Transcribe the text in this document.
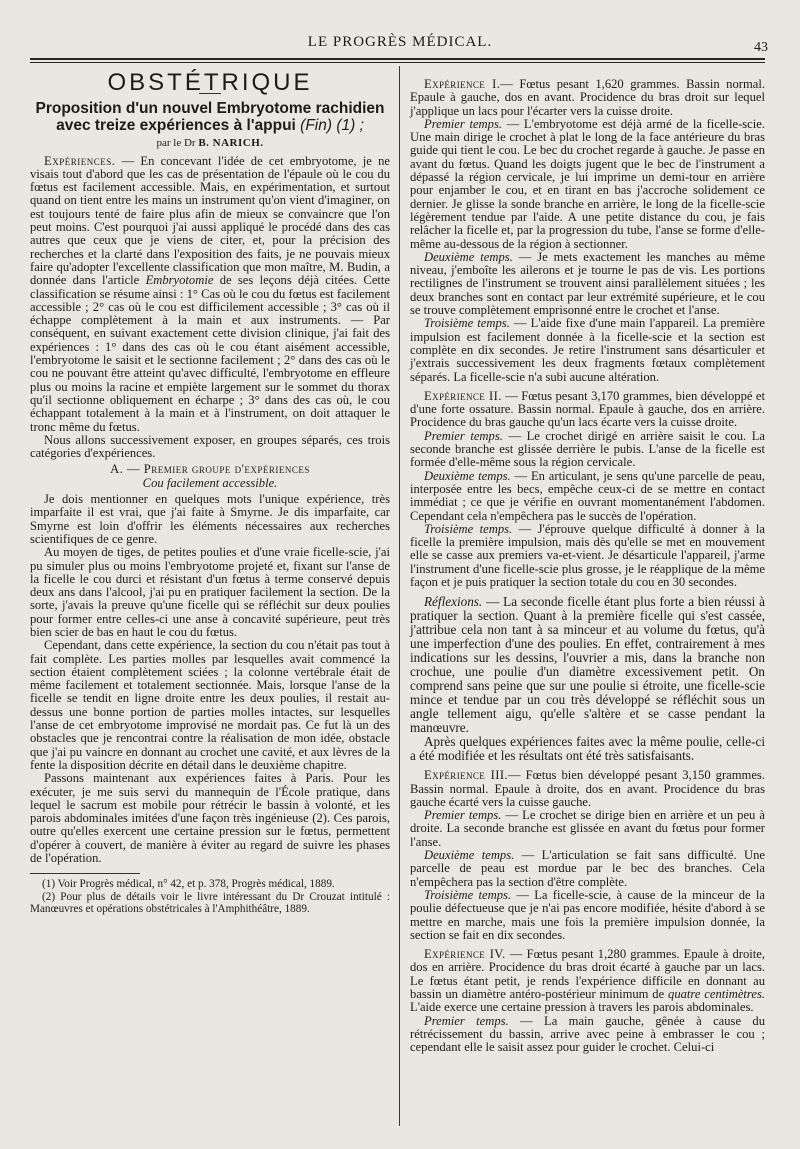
LE PROGRÈS MÉDICAL.	43
OBSTÉTRIQUE
Proposition d'un nouvel Embryotome rachidien avec treize expériences à l'appui (Fin) (1) ;
par le Dr B. NARICH.

Expériences. — En concevant l'idée de cet embryotome, je ne visais tout d'abord que les cas de présentation de l'épaule où le cou du fœtus est facilement accessible. Mais, en expérimentation, et surtout quand on tient entre les mains un instrument qu'on vient d'imaginer, on est toujours tenté de faire plus afin de mieux se convaincre que l'on peut moins. C'est pourquoi j'ai aussi appliqué le procédé dans des cas autres que ceux que je viens de citer, et, pour la précision des recherches et la clarté dans l'exposition des faits, je ne pouvais mieux faire qu'adopter l'excellente classification que mon maître, M. Budin, a donnée dans l'article Embryotomie de ses leçons déjà citées. Cette classification se résume ainsi : 1° Cas où le cou du fœtus est facilement accessible ; 2° cas où le cou est difficilement accessible ; 3° cas où il échappe complètement à la main et aux instruments. — Par conséquent, en suivant exactement cette division clinique, j'ai fait des expériences : 1° dans des cas où le cou étant aisément accessible, l'embryotome le saisit et le sectionne facilement ; 2° dans des cas où le cou ne pouvant être atteint qu'avec difficulté, l'embryotome en effleure plus ou moins la racine et empiète largement sur le sommet du thorax qu'il sectionne obliquement en écharpe ; 3° dans des cas où, le cou échappant totalement à la main et à l'instrument, on doit attaquer le tronc même du fœtus.

Nous allons successivement exposer, en groupes séparés, ces trois catégories d'expériences.

A. — Premier groupe d'expériences
Cou facilement accessible.

Je dois mentionner en quelques mots l'unique expérience, très imparfaite il est vrai, que j'ai faite à Smyrne. Je dis imparfaite, car Smyrne est loin d'offrir les éléments nécessaires aux recherches scientifiques de ce genre.

Au moyen de tiges, de petites poulies et d'une vraie ficelle-scie, j'ai pu simuler plus ou moins l'embryotome projeté et, fixant sur l'anse de la ficelle le cou durci et résistant d'un fœtus à terme conservé depuis deux ans dans l'alcool, j'ai pu en pratiquer facilement la section. De la sorte, j'avais la preuve qu'une ficelle qui se réfléchit sur deux poulies pour former entre celles-ci une anse à concavité supérieure, peut très bien scier de bas en haut le cou du fœtus.

Cependant, dans cette expérience, la section du cou n'était pas tout à fait complète. Les parties molles par lesquelles avait commencé la section étaient complètement sciées ; la colonne vertébrale était de même facilement et totalement sectionnée. Mais, lorsque l'anse de la ficelle se tendit en ligne droite entre les deux poulies, il restait au-dessus une bonne portion de parties molles intactes, sur lesquelles l'anse de cet embryotome improvisé ne mordait pas. Ce fut là un des obstacles que je rencontrai contre la réalisation de mon idée, obstacle que j'ai pu vaincre en donnant au crochet une cavité, et aux lèvres de la fente la disposition décrite en détail dans le deuxième chapitre.

Passons maintenant aux expériences faites à Paris. Pour les exécuter, je me suis servi du mannequin de l'École pratique, dans lequel le sacrum est mobile pour rétrécir le bassin à volonté, et les parois abdominales imitées d'une façon très ingénieuse (2). Ces parois, outre qu'elles exercent une certaine pression sur le fœtus, permettent d'opérer à couvert, de manière à éviter au regard de suivre les phases de l'opération.

(1) Voir Progrès médical, n° 42, et p. 378, Progrès médical, 1889.

(2) Pour plus de détails voir le livre intéressant du Dr Crouzat intitulé : Manœuvres et opérations obstétricales à l'Amphithéâtre, 1889.

Expérience I.— Fœtus pesant 1,620 grammes. Bassin normal. Epaule à gauche, dos en avant. Procidence du bras droit sur lequel j'applique un lacs pour l'écarter vers la cuisse droite.

Premier temps. — L'embryotome est déjà armé de la ficelle-scie. Une main dirige le crochet à plat le long de la face antérieure du bras guide qui tient le cou. Le bec du crochet regarde à gauche. Je passe en avant du fœtus. Quand les doigts jugent que le bec de l'instrument a dépassé la région cervicale, je lui imprime un demi-tour en arrière pour enjamber le cou, et en tirant en bas j'accroche solidement ce dernier. Je glisse la sonde branche en arrière, le long de la ficelle-scie légèrement tendue par l'aide. A une petite distance du cou, je fais relâcher la ficelle et, par la progression du tube, l'anse se forme d'elle-même au-dessous de la région à sectionner.

Deuxième temps. — Je mets exactement les manches au même niveau, j'emboîte les ailerons et je tourne le pas de vis. Les portions rectilignes de l'instrument se trouvent ainsi parallèlement situées ; les deux branches sont en contact par leur extrémité supérieure, et le cou se trouve complètement emprisonné entre le crochet et l'anse.

Troisième temps. — L'aide fixe d'une main l'appareil. La première impulsion est facilement donnée à la ficelle-scie et la section est complète en dix secondes. Je retire l'instrument sans désarticuler et j'extrais successivement les deux fragments fœtaux complètement séparés. La ficelle-scie n'a subi aucune altération.

Expérience II. — Fœtus pesant 3,170 grammes, bien développé et d'une forte ossature. Bassin normal. Epaule à gauche, dos en arrière. Procidence du bras gauche qu'un lacs écarte vers la cuisse droite.

Premier temps. — Le crochet dirigé en arrière saisit le cou. La seconde branche est glissée derrière le pubis. L'anse de la ficelle est formée d'elle-même sous la région cervicale.

Deuxième temps. — En articulant, je sens qu'une parcelle de peau, interposée entre les becs, empêche ceux-ci de se mettre en contact immédiat ; ce que je vérifie en ouvrant momentanément l'abdomen. Cependant cela n'empêchera pas le succès de l'opération.

Troisième temps. — J'éprouve quelque difficulté à donner à la ficelle la première impulsion, mais dès qu'elle se met en mouvement elle se casse aux premiers va-et-vient. Je désarticule l'appareil, j'arme l'instrument d'une ficelle-scie plus grosse, je le réapplique de la même façon et je puis pratiquer la section totale du cou en 30 secondes.

Réflexions. — La seconde ficelle étant plus forte a bien réussi à pratiquer la section. Quant à la première ficelle qui s'est cassée, j'attribue cela non tant à sa minceur et au volume du fœtus, qu'à une imperfection d'une des poulies. En effet, contrairement à mes indications sur les dessins, l'ouvrier a mis, dans la branche non crochue, une poulie d'un diamètre excessivement petit. On comprend sans peine que sur une poulie si étroite, une ficelle-scie mince et tendue par un cou très développé se réfléchit sous un angle tellement aigu, qu'elle s'altère et se casse pendant la manœuvre.

Après quelques expériences faites avec la même poulie, celle-ci a été modifiée et les résultats ont été très satisfaisants.

Expérience III.— Fœtus bien développé pesant 3,150 grammes. Bassin normal. Epaule à droite, dos en avant. Procidence du bras gauche écarté vers la cuisse gauche.

Premier temps. — Le crochet se dirige bien en arrière et un peu à droite. La seconde branche est glissée en avant du fœtus pour former l'anse.

Deuxième temps. — L'articulation se fait sans difficulté. Une parcelle de peau est mordue par le bec des branches. Cela n'empêchera pas la section d'être complète.

Troisième temps. — La ficelle-scie, à cause de la minceur de la poulie défectueuse que je n'ai pas encore modifiée, hésite d'abord à se mettre en marche, mais une fois la première impulsion donnée, la section se fait en dix secondes.

Expérience IV. — Fœtus pesant 1,280 grammes. Epaule à droite, dos en arrière. Procidence du bras droit écarté à gauche par un lacs. Le fœtus étant petit, je rends l'expérience difficile en donnant au bassin un diamètre antéro-postérieur minimum de quatre centimètres. L'aide exerce une certaine pression à travers les parois abdominales.

Premier temps. — La main gauche, gênée à cause du rétrécissement du bassin, arrive avec peine à embrasser le cou ; cependant elle le saisit assez pour guider le crochet. Celui-ci
